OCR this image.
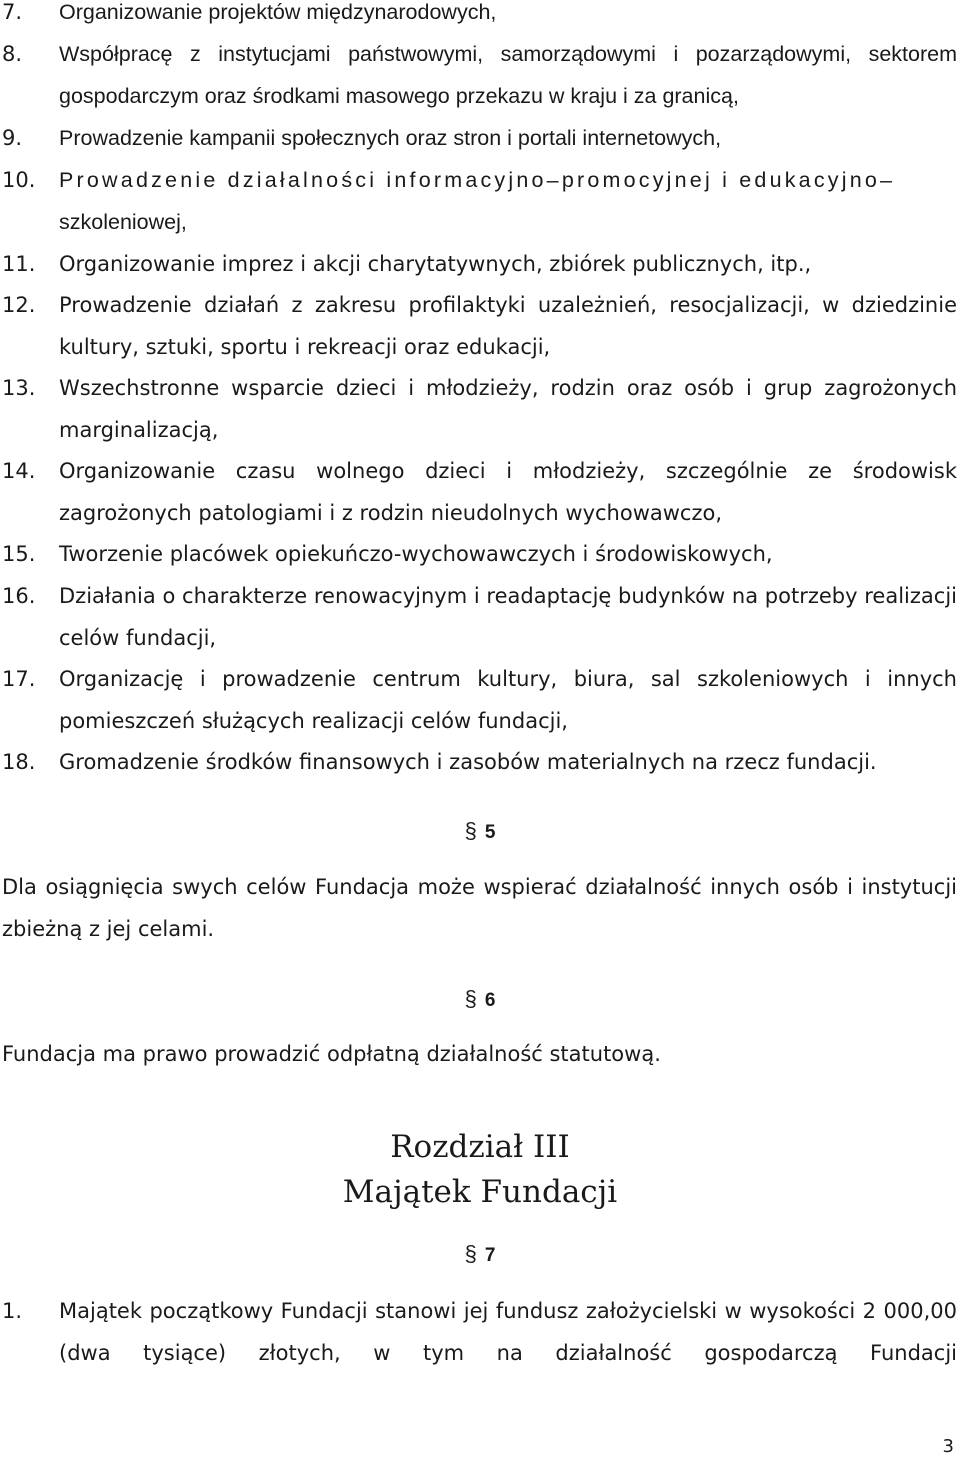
7. Organizowanie projektów międzynarodowych,
8. Współpracę z instytucjami państwowymi, samorządowymi i pozarządowymi, sektorem gospodarczym oraz środkami masowego przekazu w kraju i za granicą,
9. Prowadzenie kampanii społecznych oraz stron i portali internetowych,
10. Prowadzenie działalności informacyjno–promocyjnej i edukacyjno–
szkoleniowej,
11. Organizowanie imprez i akcji charytatywnych, zbiórek publicznych, itp.,
12. Prowadzenie działań z zakresu profilaktyki uzależnień, resocjalizacji, w dziedzinie kultury, sztuki, sportu i rekreacji oraz edukacji,
13. Wszechstronne wsparcie dzieci i młodzieży, rodzin oraz osób i grup zagrożonych marginalizacją,
14. Organizowanie czasu wolnego dzieci i młodzieży, szczególnie ze środowisk zagrożonych patologiami i z rodzin nieudolnych wychowawczo,
15. Tworzenie placówek opiekuńczo-wychowawczych i środowiskowych,
16. Działania o charakterze renowacyjnym i readaptację budynków na potrzeby realizacji celów fundacji,
17. Organizację i prowadzenie centrum kultury, biura, sal szkoleniowych i innych pomieszczeń służących realizacji celów fundacji,
18. Gromadzenie środków finansowych i zasobów materialnych na rzecz fundacji.
§ 5
Dla osiągnięcia swych celów Fundacja może wspierać działalność innych osób i instytucji zbieżną z jej celami.
§ 6
Fundacja ma prawo prowadzić odpłatną działalność statutową.
Rozdział III
Majątek Fundacji
§ 7
1. Majątek początkowy Fundacji stanowi jej fundusz założycielski w wysokości 2 000,00 (dwa tysiące) złotych, w tym na działalność gospodarczą Fundacji
3
